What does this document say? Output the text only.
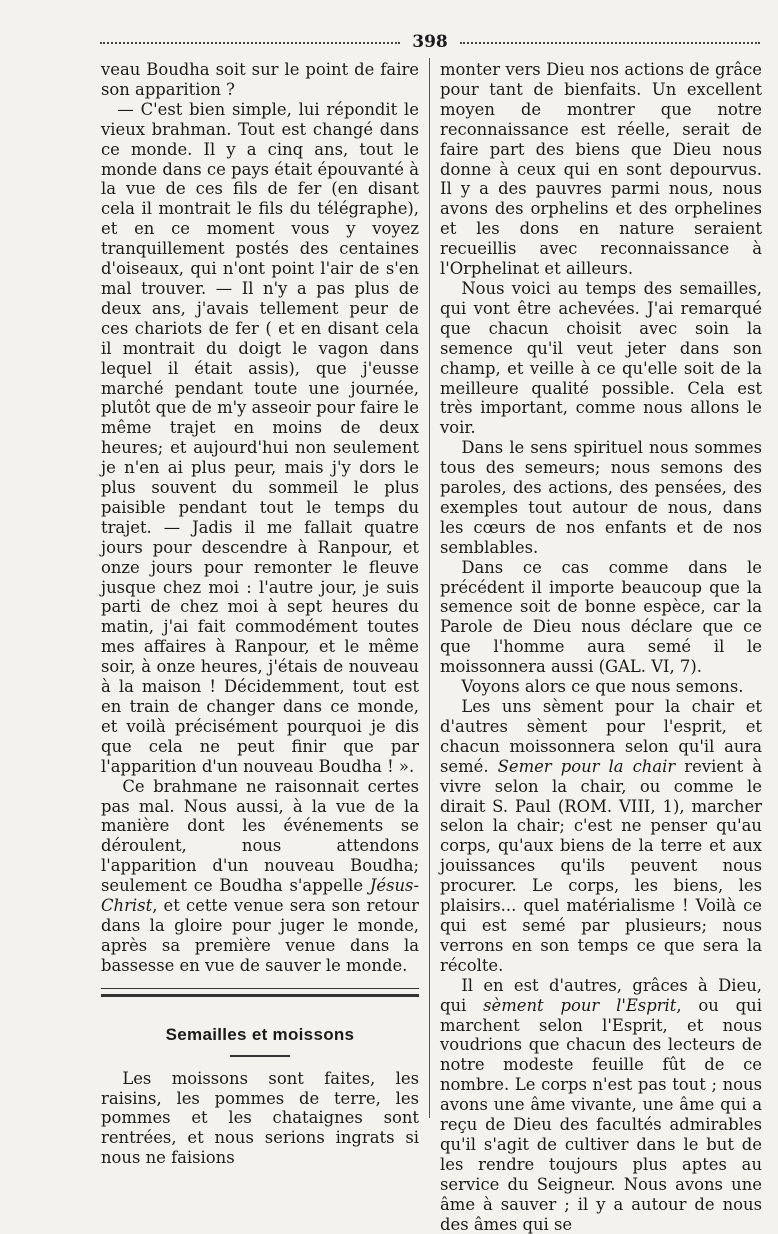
398

veau Boudha soit sur le point de faire son apparition ?

— C'est bien simple, lui répondit le vieux brahman. Tout est changé dans ce monde. Il y a cinq ans, tout le monde dans ce pays était épouvanté à la vue de ces fils de fer (en disant cela il montrait le fils du télégraphe), et en ce moment vous y voyez tranquillement postés des centaines d'oiseaux, qui n'ont point l'air de s'en mal trouver. — Il n'y a pas plus de deux ans, j'avais tellement peur de ces chariots de fer ( et en disant cela il montrait du doigt le vagon dans lequel il était assis), que j'eusse marché pendant toute une journée, plutôt que de m'y asseoir pour faire le même trajet en moins de deux heures; et aujourd'hui non seulement je n'en ai plus peur, mais j'y dors le plus souvent du sommeil le plus paisible pendant tout le temps du trajet. — Jadis il me fallait quatre jours pour descendre à Ranpour, et onze jours pour remonter le fleuve jusque chez moi : l'autre jour, je suis parti de chez moi à sept heures du matin, j'ai fait commodément toutes mes affaires à Ranpour, et le même soir, à onze heures, j'étais de nouveau à la maison ! Décidemment, tout est en train de changer dans ce monde, et voilà précisément pourquoi je dis que cela ne peut finir que par l'apparition d'un nouveau Boudha ! ».

Ce brahmane ne raisonnait certes pas mal. Nous aussi, à la vue de la manière dont les événements se déroulent, nous attendons l'apparition d'un nouveau Boudha; seulement ce Boudha s'appelle Jésus-Christ, et cette venue sera son retour dans la gloire pour juger le monde, après sa première venue dans la bassesse en vue de sauver le monde.

Semailles et moissons

Les moissons sont faites, les raisins, les pommes de terre, les pommes et les chataignes sont rentrées, et nous serions ingrats si nous ne faisions

monter vers Dieu nos actions de grâce pour tant de bienfaits. Un excellent moyen de montrer que notre reconnaissance est réelle, serait de faire part des biens que Dieu nous donne à ceux qui en sont depourvus. Il y a des pauvres parmi nous, nous avons des orphelins et des orphelines et les dons en nature seraient recueillis avec reconnaissance à l'Orphelinat et ailleurs.

Nous voici au temps des semailles, qui vont être achevées. J'ai remarqué que chacun choisit avec soin la semence qu'il veut jeter dans son champ, et veille à ce qu'elle soit de la meilleure qualité possible. Cela est très important, comme nous allons le voir.

Dans le sens spirituel nous sommes tous des semeurs; nous semons des paroles, des actions, des pensées, des exemples tout autour de nous, dans les cœurs de nos enfants et de nos semblables.

Dans ce cas comme dans le précédent il importe beaucoup que la semence soit de bonne espèce, car la Parole de Dieu nous déclare que ce que l'homme aura semé il le moissonnera aussi (GAL. VI, 7).

Voyons alors ce que nous semons.

Les uns sèment pour la chair et d'autres sèment pour l'esprit, et chacun moissonnera selon qu'il aura semé. Semer pour la chair revient à vivre selon la chair, ou comme le dirait S. Paul (ROM. VIII, 1), marcher selon la chair; c'est ne penser qu'au corps, qu'aux biens de la terre et aux jouissances qu'ils peuvent nous procurer. Le corps, les biens, les plaisirs... quel matérialisme ! Voilà ce qui est semé par plusieurs; nous verrons en son temps ce que sera la récolte.

Il en est d'autres, grâces à Dieu, qui sèment pour l'Esprit, ou qui marchent selon l'Esprit, et nous voudrions que chacun des lecteurs de notre modeste feuille fût de ce nombre. Le corps n'est pas tout ; nous avons une âme vivante, une âme qui a reçu de Dieu des facultés admirables qu'il s'agit de cultiver dans le but de les rendre toujours plus aptes au service du Seigneur. Nous avons une âme à sauver ; il y a autour de nous des âmes qui se
